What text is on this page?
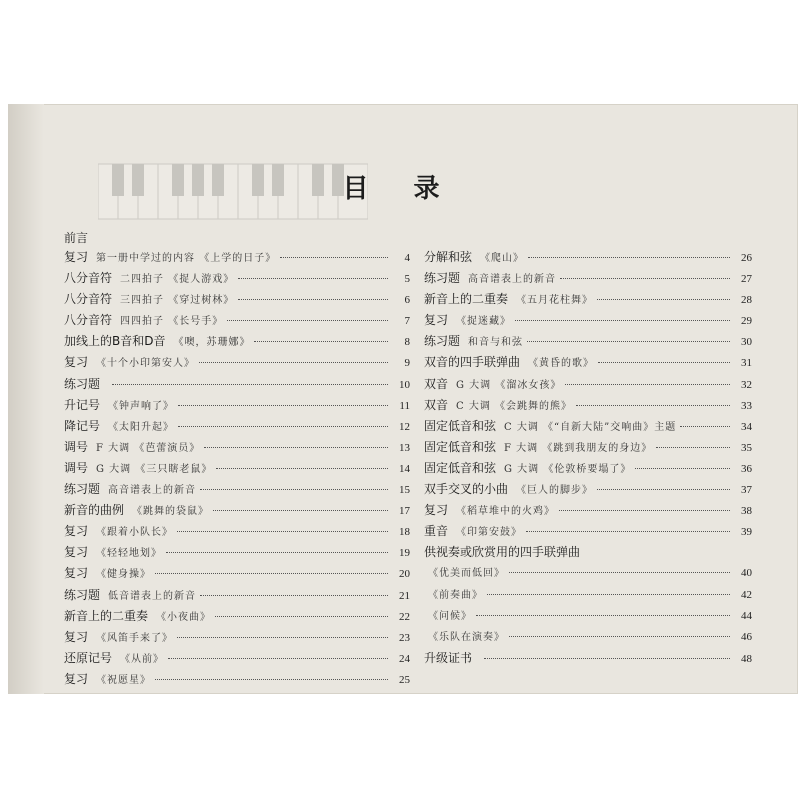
目 录
前言
复习 第一册中学过的内容 《上学的日子》	4
八分音符 二四拍子 《捉人游戏》	5
八分音符 三四拍子 《穿过树林》	6
八分音符 四四拍子 《长号手》	7
加线上的B音和D音 《噢，苏珊娜》	8
复习 《十个小印第安人》	9
练习题	10
升记号 《钟声响了》	11
降记号 《太阳升起》	12
调号 F 大调 《芭蕾演员》	13
调号 G 大调 《三只瞎老鼠》	14
练习题 高音谱表上的新音	15
新音的曲例 《跳舞的袋鼠》	17
复习 《跟着小队长》	18
复习 《轻轻地划》	19
复习 《健身操》	20
练习题 低音谱表上的新音	21
新音上的二重奏 《小夜曲》	22
复习 《风笛手来了》	23
还原记号 《从前》	24
复习 《祝愿星》	25
分解和弦 《爬山》	26
练习题 高音谱表上的新音	27
新音上的二重奏 《五月花柱舞》	28
复习 《捉迷藏》	29
练习题 和音与和弦	30
双音的四手联弹曲 《黄昏的歌》	31
双音 G 大调 《溜冰女孩》	32
双音 C 大调 《会跳舞的熊》	33
固定低音和弦 C 大调 《“自新大陆”交响曲》主题	34
固定低音和弦 F 大调 《跳到我朋友的身边》	35
固定低音和弦 G 大调 《伦敦桥要塌了》	36
双手交叉的小曲 《巨人的脚步》	37
复习 《稻草堆中的火鸡》	38
重音 《印第安鼓》	39
供视奏或欣赏用的四手联弹曲
《优美而低回》	40
《前奏曲》	42
《问候》	44
《乐队在演奏》	46
升级证书	48
